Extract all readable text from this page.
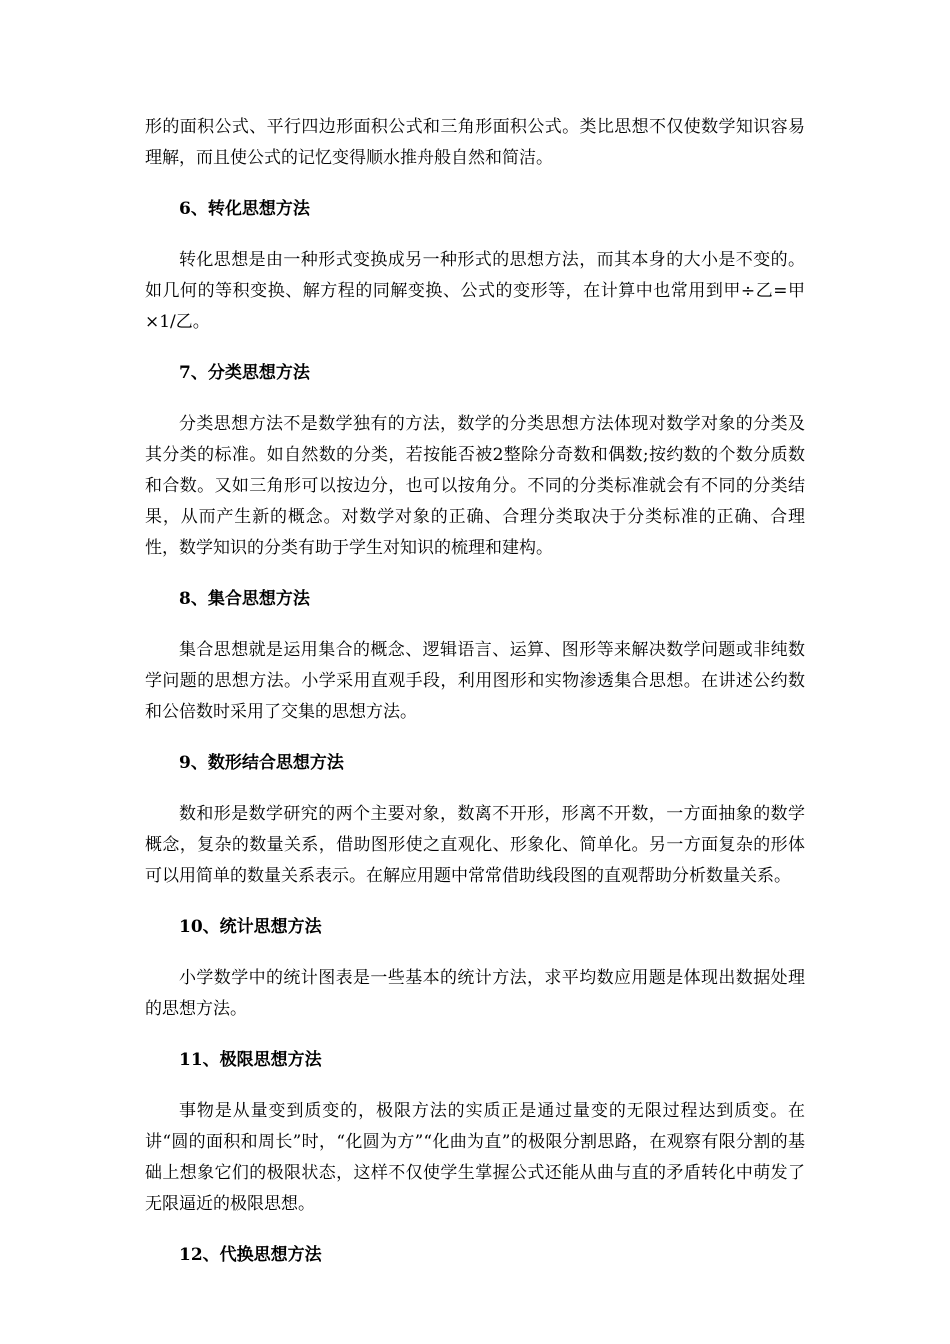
形的面积公式、平行四边形面积公式和三角形面积公式。类比思想不仅使数学知识容易理解，而且使公式的记忆变得顺水推舟般自然和简洁。

6、转化思想方法

转化思想是由一种形式变换成另一种形式的思想方法，而其本身的大小是不变的。如几何的等积变换、解方程的同解变换、公式的变形等，在计算中也常用到甲÷乙=甲×1/乙。

7、分类思想方法

分类思想方法不是数学独有的方法，数学的分类思想方法体现对数学对象的分类及其分类的标准。如自然数的分类，若按能否被2整除分奇数和偶数;按约数的个数分质数和合数。又如三角形可以按边分，也可以按角分。不同的分类标准就会有不同的分类结果，从而产生新的概念。对数学对象的正确、合理分类取决于分类标准的正确、合理性，数学知识的分类有助于学生对知识的梳理和建构。

8、集合思想方法

集合思想就是运用集合的概念、逻辑语言、运算、图形等来解决数学问题或非纯数学问题的思想方法。小学采用直观手段，利用图形和实物渗透集合思想。在讲述公约数和公倍数时采用了交集的思想方法。

9、数形结合思想方法

数和形是数学研究的两个主要对象，数离不开形，形离不开数，一方面抽象的数学概念，复杂的数量关系，借助图形使之直观化、形象化、简单化。另一方面复杂的形体可以用简单的数量关系表示。在解应用题中常常借助线段图的直观帮助分析数量关系。

10、统计思想方法

小学数学中的统计图表是一些基本的统计方法，求平均数应用题是体现出数据处理的思想方法。

11、极限思想方法

事物是从量变到质变的，极限方法的实质正是通过量变的无限过程达到质变。在讲“圆的面积和周长”时，“化圆为方”“化曲为直”的极限分割思路，在观察有限分割的基础上想象它们的极限状态，这样不仅使学生掌握公式还能从曲与直的矛盾转化中萌发了无限逼近的极限思想。

12、代换思想方法
